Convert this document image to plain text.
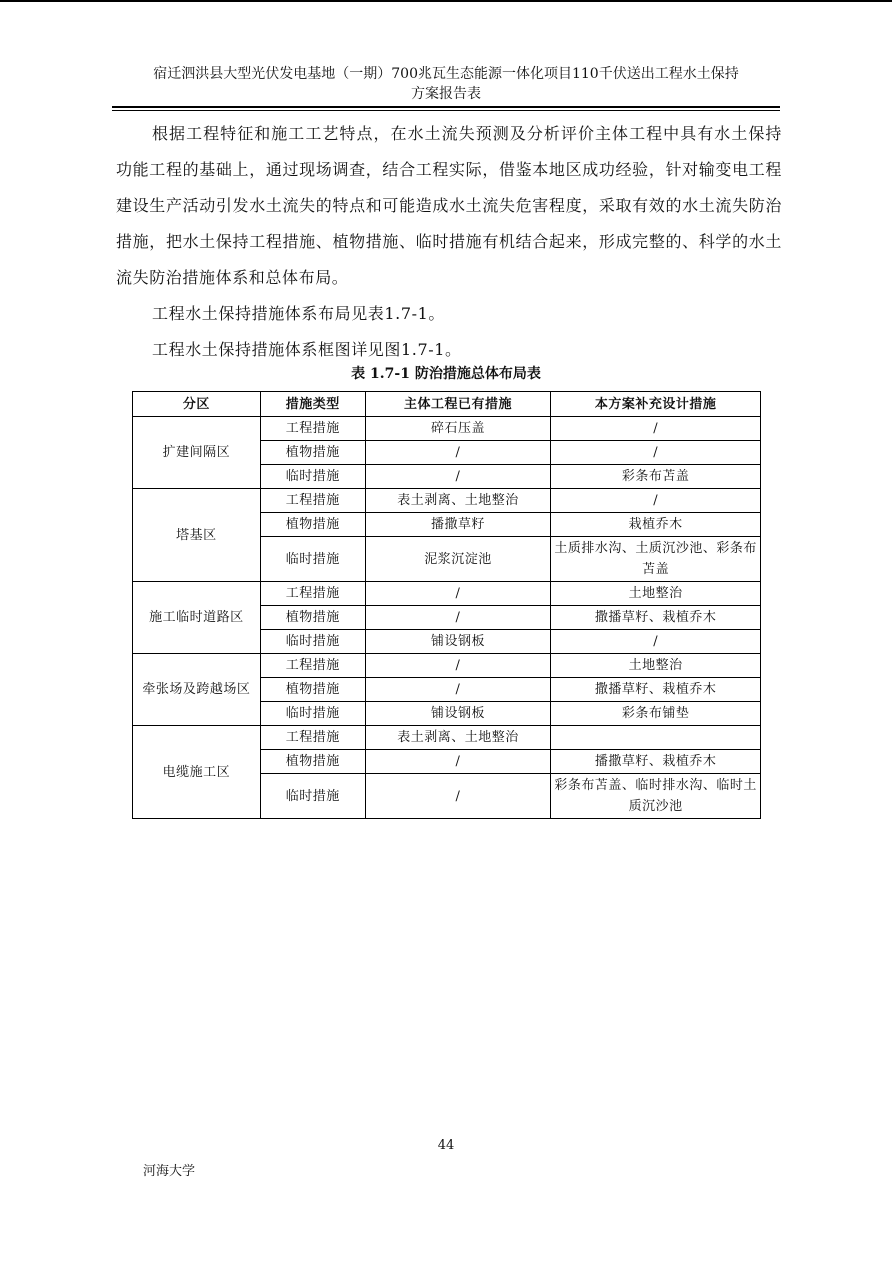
宿迁泗洪县大型光伏发电基地（一期）700兆瓦生态能源一体化项目110千伏送出工程水土保持
方案报告表

根据工程特征和施工工艺特点，在水土流失预测及分析评价主体工程中具有水土保持功能工程的基础上，通过现场调查，结合工程实际，借鉴本地区成功经验，针对输变电工程建设生产活动引发水土流失的特点和可能造成水土流失危害程度，采取有效的水土流失防治措施，把水土保持工程措施、植物措施、临时措施有机结合起来，形成完整的、科学的水土流失防治措施体系和总体布局。

工程水土保持措施体系布局见表1.7-1。

工程水土保持措施体系框图详见图1.7-1。

表 1.7-1 防治措施总体布局表
分区	措施类型	主体工程已有措施	本方案补充设计措施
扩建间隔区	工程措施	碎石压盖	/
	植物措施	/	/
	临时措施	/	彩条布苫盖
塔基区	工程措施	表土剥离、土地整治	/
	植物措施	播撒草籽	栽植乔木
	临时措施	泥浆沉淀池	土质排水沟、土质沉沙池、彩条布苫盖
施工临时道路区	工程措施	/	土地整治
	植物措施	/	撒播草籽、栽植乔木
	临时措施	铺设钢板	/
牵张场及跨越场区	工程措施	/	土地整治
	植物措施	/	撒播草籽、栽植乔木
	临时措施	铺设钢板	彩条布铺垫
电缆施工区	工程措施	表土剥离、土地整治	
	植物措施	/	播撒草籽、栽植乔木
	临时措施	/	彩条布苫盖、临时排水沟、临时土质沉沙池
44
河海大学
